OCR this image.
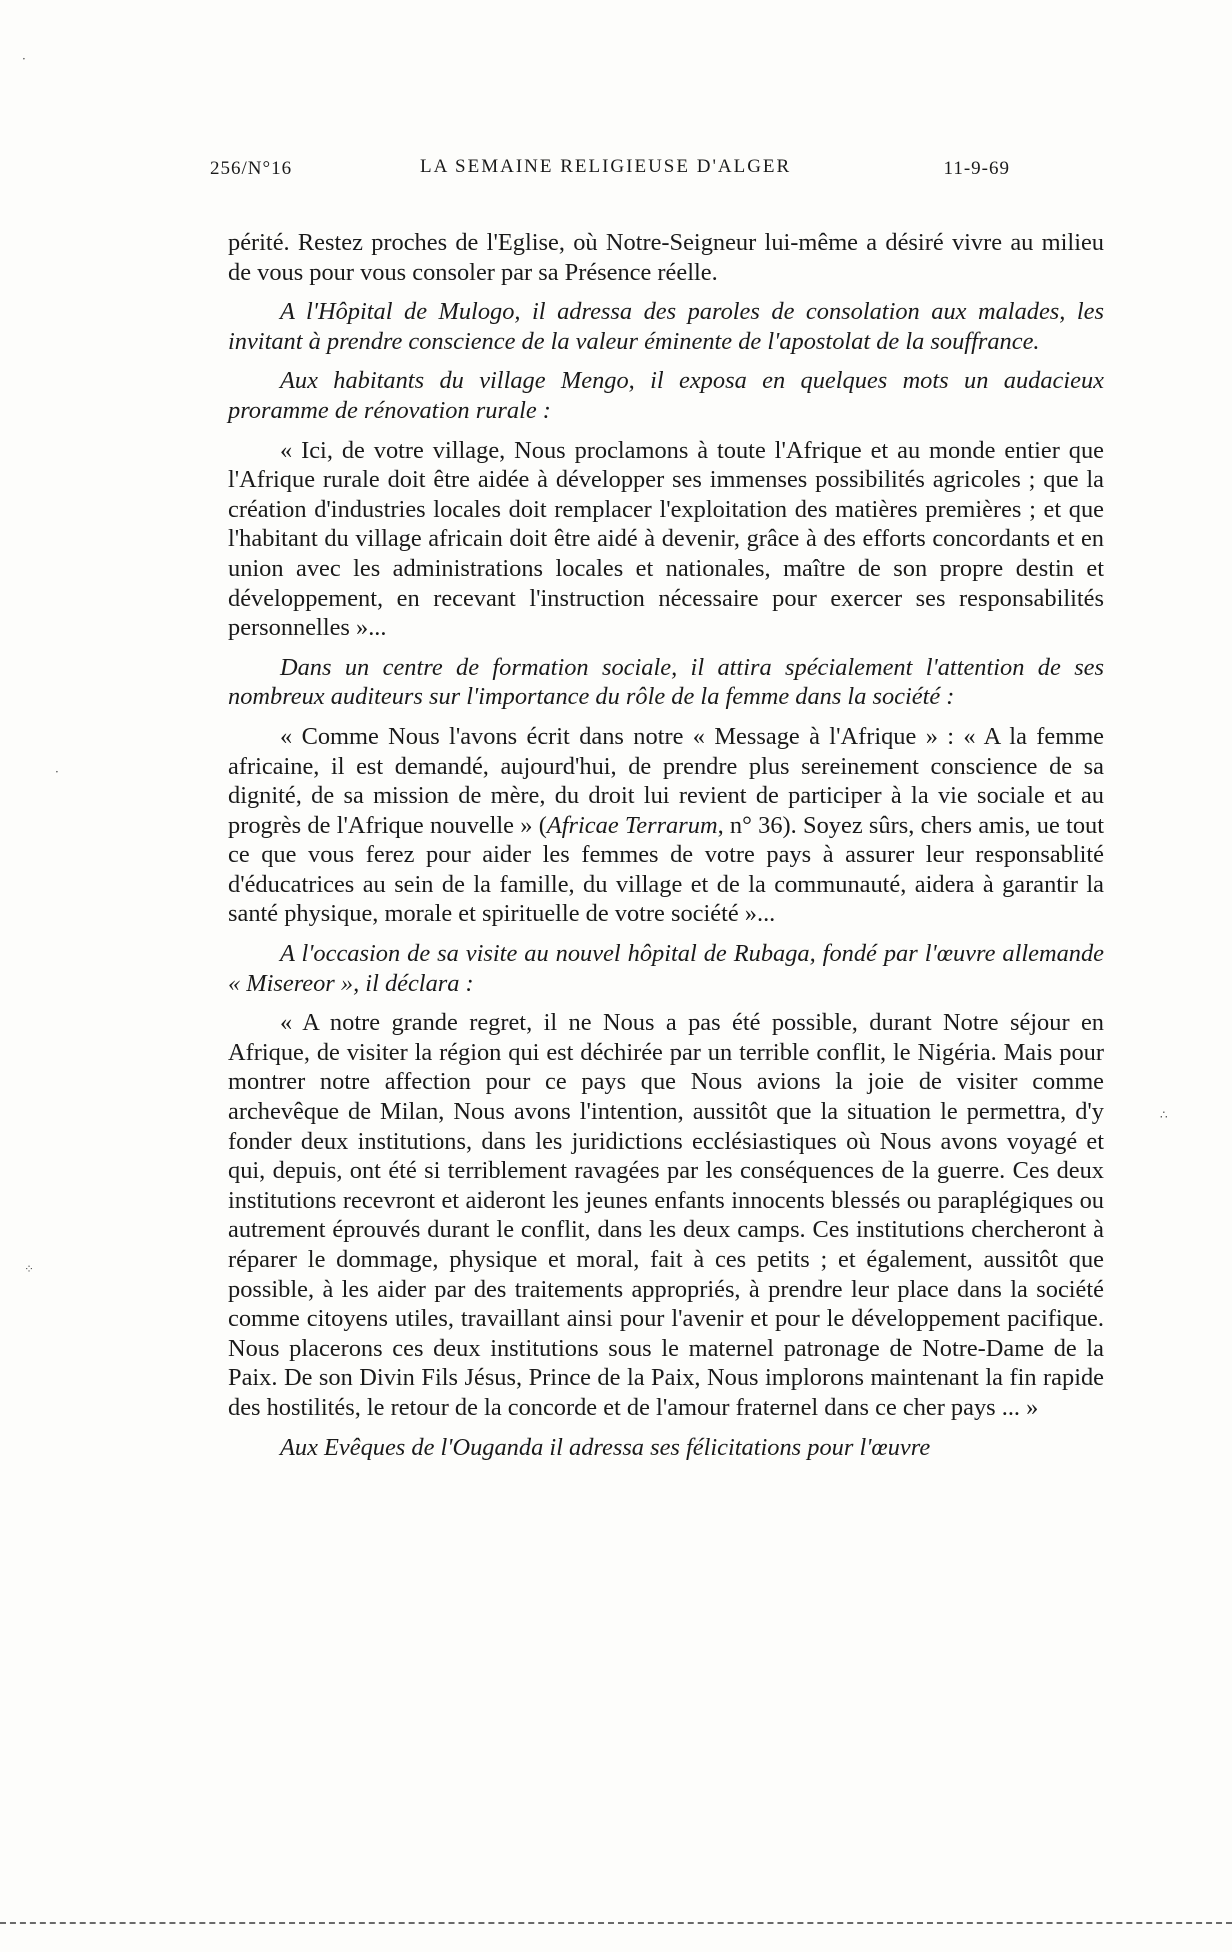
256/N°16	LA SEMAINE RELIGIEUSE D'ALGER	11-9-69

périté. Restez proches de l'Eglise, où Notre-Seigneur lui-même a désiré vivre au milieu de vous pour vous consoler par sa Présence réelle.

A l'Hôpital de Mulogo, il adressa des paroles de consolation aux malades, les invitant à prendre conscience de la valeur éminente de l'apostolat de la souffrance.

Aux habitants du village Mengo, il exposa en quelques mots un audacieux proramme de rénovation rurale :

« Ici, de votre village, Nous proclamons à toute l'Afrique et au monde entier que l'Afrique rurale doit être aidée à développer ses immenses possibilités agricoles ; que la création d'industries locales doit remplacer l'exploitation des matières premières ; et que l'habitant du village africain doit être aidé à devenir, grâce à des efforts concordants et en union avec les administrations locales et nationales, maître de son propre destin et développement, en recevant l'instruction nécessaire pour exercer ses responsabilités personnelles »...

Dans un centre de formation sociale, il attira spécialement l'attention de ses nombreux auditeurs sur l'importance du rôle de la femme dans la société :

« Comme Nous l'avons écrit dans notre « Message à l'Afrique » : « A la femme africaine, il est demandé, aujourd'hui, de prendre plus sereinement conscience de sa dignité, de sa mission de mère, du droit lui revient de participer à la vie sociale et au progrès de l'Afrique nouvelle » (Africae Terrarum, n° 36). Soyez sûrs, chers amis, ue tout ce que vous ferez pour aider les femmes de votre pays à assurer leur responsablité d'éducatrices au sein de la famille, du village et de la communauté, aidera à garantir la santé physique, morale et spirituelle de votre société »...

A l'occasion de sa visite au nouvel hôpital de Rubaga, fondé par l'œuvre allemande « Misereor », il déclara :

« A notre grande regret, il ne Nous a pas été possible, durant Notre séjour en Afrique, de visiter la région qui est déchirée par un terrible conflit, le Nigéria. Mais pour montrer notre affection pour ce pays que Nous avions la joie de visiter comme archevêque de Milan, Nous avons l'intention, aussitôt que la situation le permettra, d'y fonder deux institutions, dans les juridictions ecclésiastiques où Nous avons voyagé et qui, depuis, ont été si terriblement ravagées par les conséquences de la guerre. Ces deux institutions recevront et aideront les jeunes enfants innocents blessés ou paraplégiques ou autrement éprouvés durant le conflit, dans les deux camps. Ces institutions chercheront à réparer le dommage, physique et moral, fait à ces petits ; et également, aussitôt que possible, à les aider par des traitements appropriés, à prendre leur place dans la société comme citoyens utiles, travaillant ainsi pour l'avenir et pour le développement pacifique. Nous placerons ces deux institutions sous le maternel patronage de Notre-Dame de la Paix. De son Divin Fils Jésus, Prince de la Paix, Nous implorons maintenant la fin rapide des hostilités, le retour de la concorde et de l'amour fraternel dans ce cher pays ... »

Aux Evêques de l'Ouganda il adressa ses félicitations pour l'œuvre

·
·
⁘
∴
